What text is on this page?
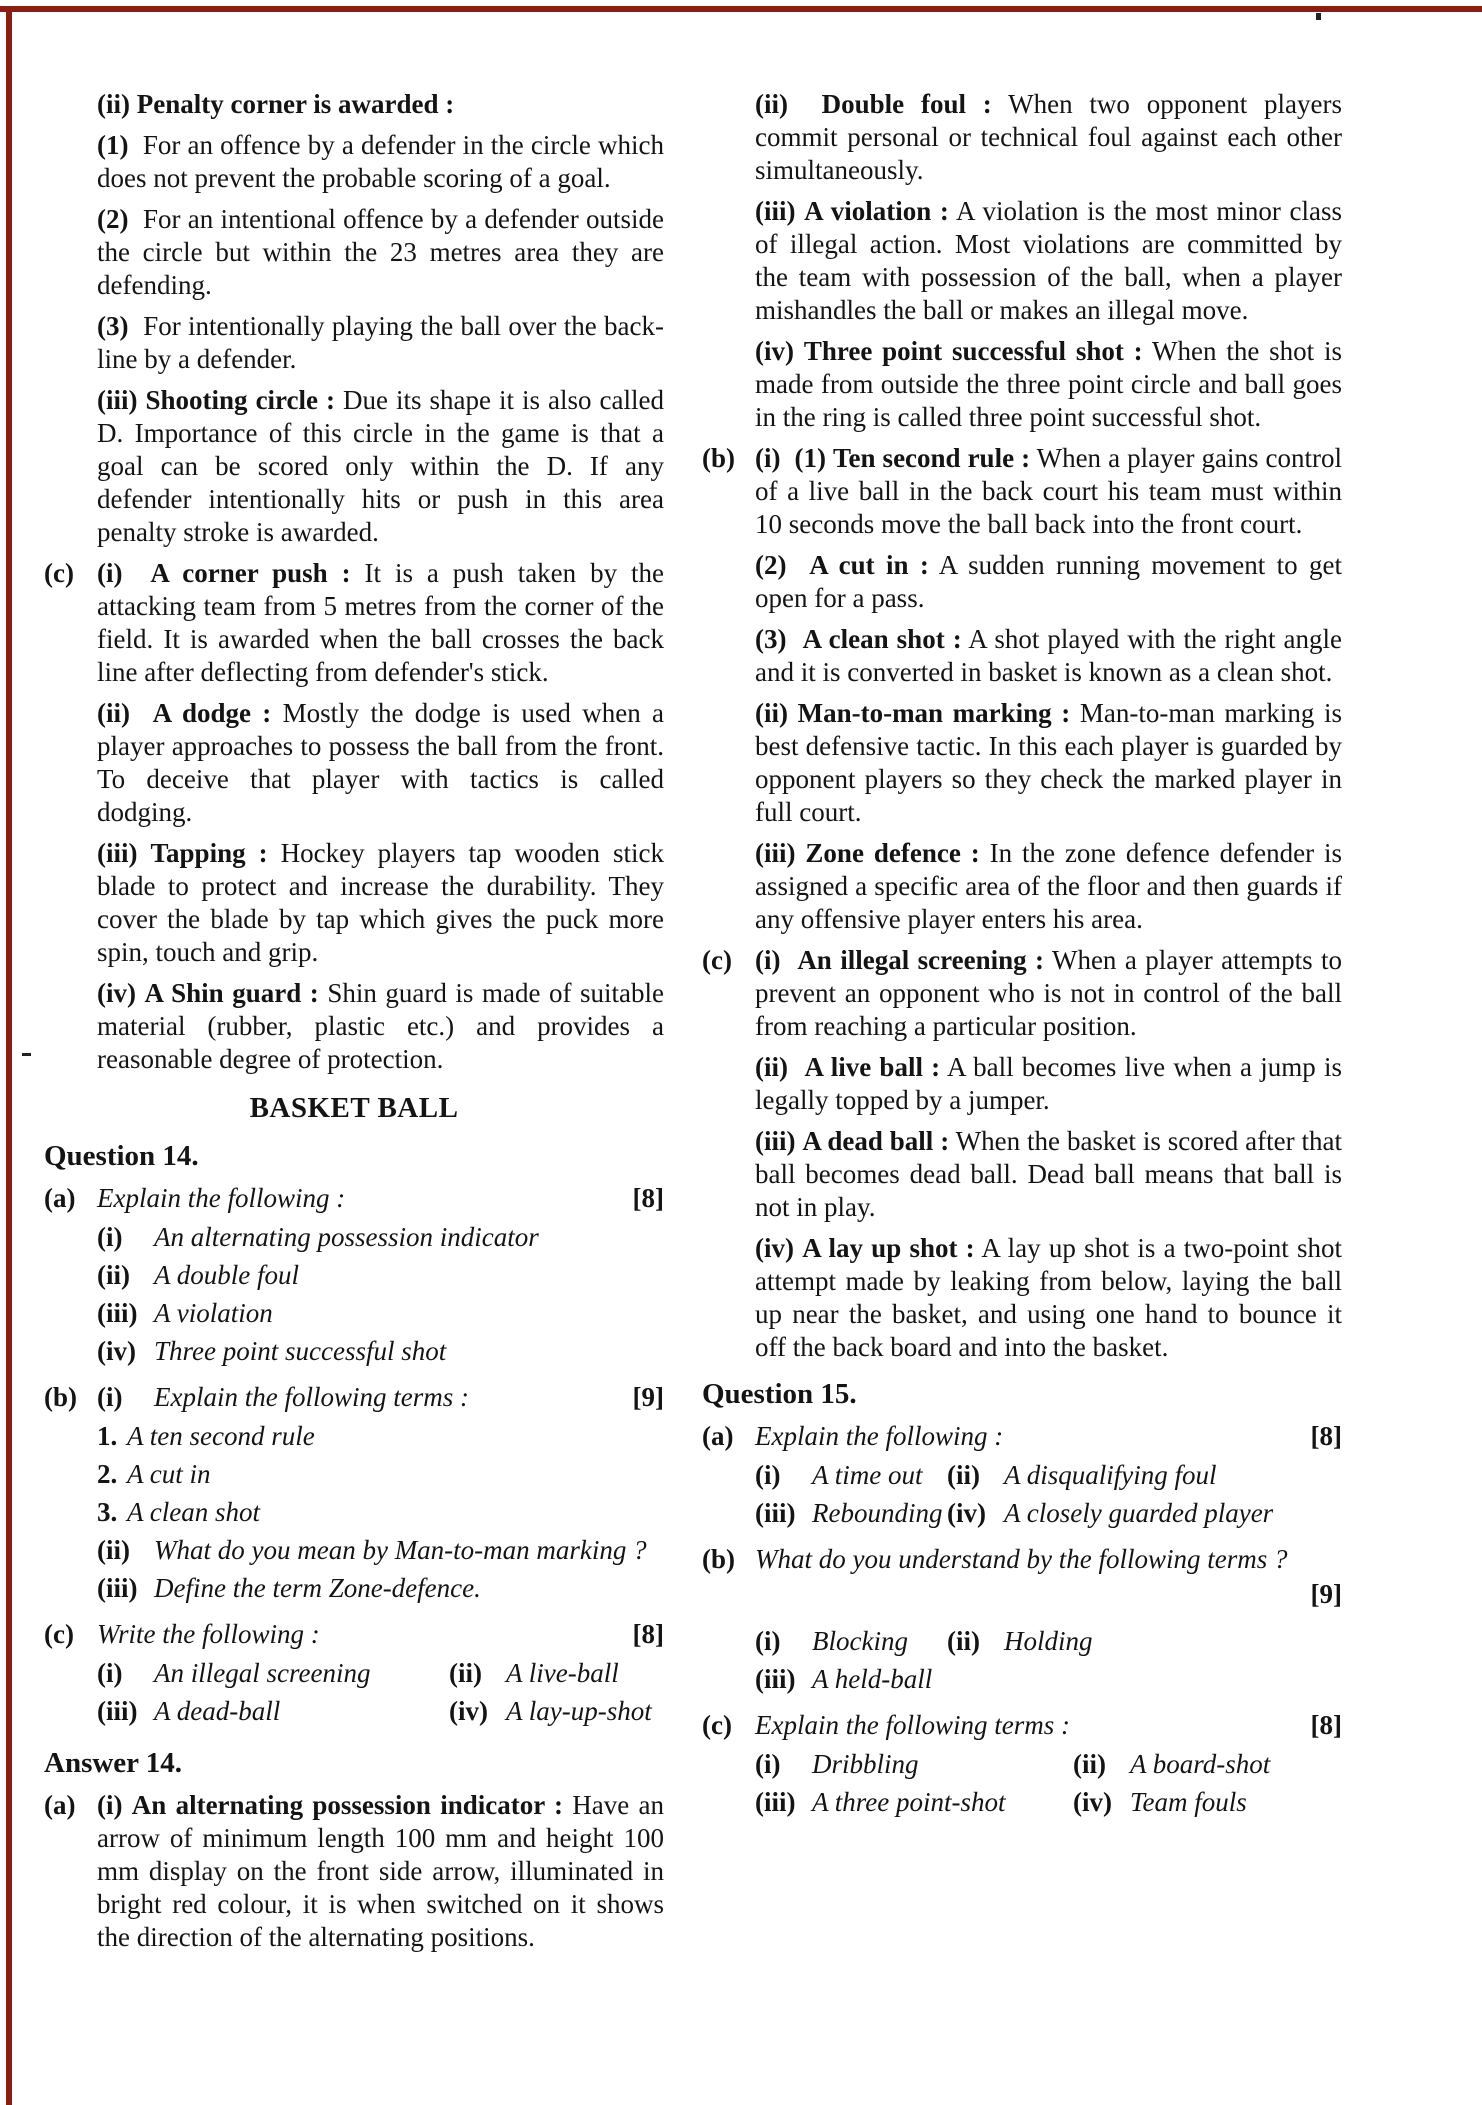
(ii) Penalty corner is awarded :

(1) For an offence by a defender in the circle which does not prevent the probable scoring of a goal.

(2) For an intentional offence by a defender outside the circle but within the 23 metres area they are defending.

(3) For intentionally playing the ball over the back-line by a defender.

(iii) Shooting circle : Due its shape it is also called D. Importance of this circle in the game is that a goal can be scored only within the D. If any defender intentionally hits or push in this area penalty stroke is awarded.

(c) (i) A corner push : It is a push taken by the attacking team from 5 metres from the corner of the field. It is awarded when the ball crosses the back line after deflecting from defender's stick.

(ii) A dodge : Mostly the dodge is used when a player approaches to possess the ball from the front. To deceive that player with tactics is called dodging.

(iii) Tapping : Hockey players tap wooden stick blade to protect and increase the durability. They cover the blade by tap which gives the puck more spin, touch and grip.

(iv) A Shin guard : Shin guard is made of suitable material (rubber, plastic etc.) and provides a reasonable degree of protection.

BASKET BALL
Question 14.
(a) Explain the following :	[8]

(i) An alternating possession indicator

(ii) A double foul

(iii) A violation

(iv) Three point successful shot

(b) (i)	Explain the following terms :	[9]

1. A ten second rule

2. A cut in

3. A clean shot

(ii) What do you mean by Man-to-man marking ?

(iii) Define the term Zone-defence.

(c) Write the following :	[8]
(i) An illegal screening	(ii) A live-ball
(iii) A dead-ball	(iv) A lay-up-shot
Answer 14.
(a) (i) An alternating possession indicator : Have an arrow of minimum length 100 mm and height 100 mm display on the front side arrow, illuminated in bright red colour, it is when switched on it shows the direction of the alternating positions.

(ii) Double foul : When two opponent players commit personal or technical foul against each other simultaneously.

(iii) A violation : A violation is the most minor class of illegal action. Most violations are committed by the team with possession of the ball, when a player mishandles the ball or makes an illegal move.

(iv) Three point successful shot : When the shot is made from outside the three point circle and ball goes in the ring is called three point successful shot.

(b) (i) (1) Ten second rule : When a player gains control of a live ball in the back court his team must within 10 seconds move the ball back into the front court.

(2) A cut in : A sudden running movement to get open for a pass.

(3) A clean shot : A shot played with the right angle and it is converted in basket is known as a clean shot.

(ii) Man-to-man marking : Man-to-man marking is best defensive tactic. In this each player is guarded by opponent players so they check the marked player in full court.

(iii) Zone defence : In the zone defence defender is assigned a specific area of the floor and then guards if any offensive player enters his area.

(c) (i) An illegal screening : When a player attempts to prevent an opponent who is not in control of the ball from reaching a particular position.

(ii) A live ball : A ball becomes live when a jump is legally topped by a jumper.

(iii) A dead ball : When the basket is scored after that ball becomes dead ball. Dead ball means that ball is not in play.

(iv) A lay up shot : A lay up shot is a two-point shot attempt made by leaking from below, laying the ball up near the basket, and using one hand to bounce it off the back board and into the basket.

Question 15.
(a) Explain the following :	[8]
(i) A time out (ii) A disqualifying foul
(iii) Rebounding (iv) A closely guarded player
(b) What do you understand by the following terms ?

[9]
(i) Blocking	(ii) Holding

(iii) A held-ball

(c) Explain the following terms :	[8]
(i) Dribbling	(ii) A board-shot
(iii) A three point-shot	(iv) Team fouls
